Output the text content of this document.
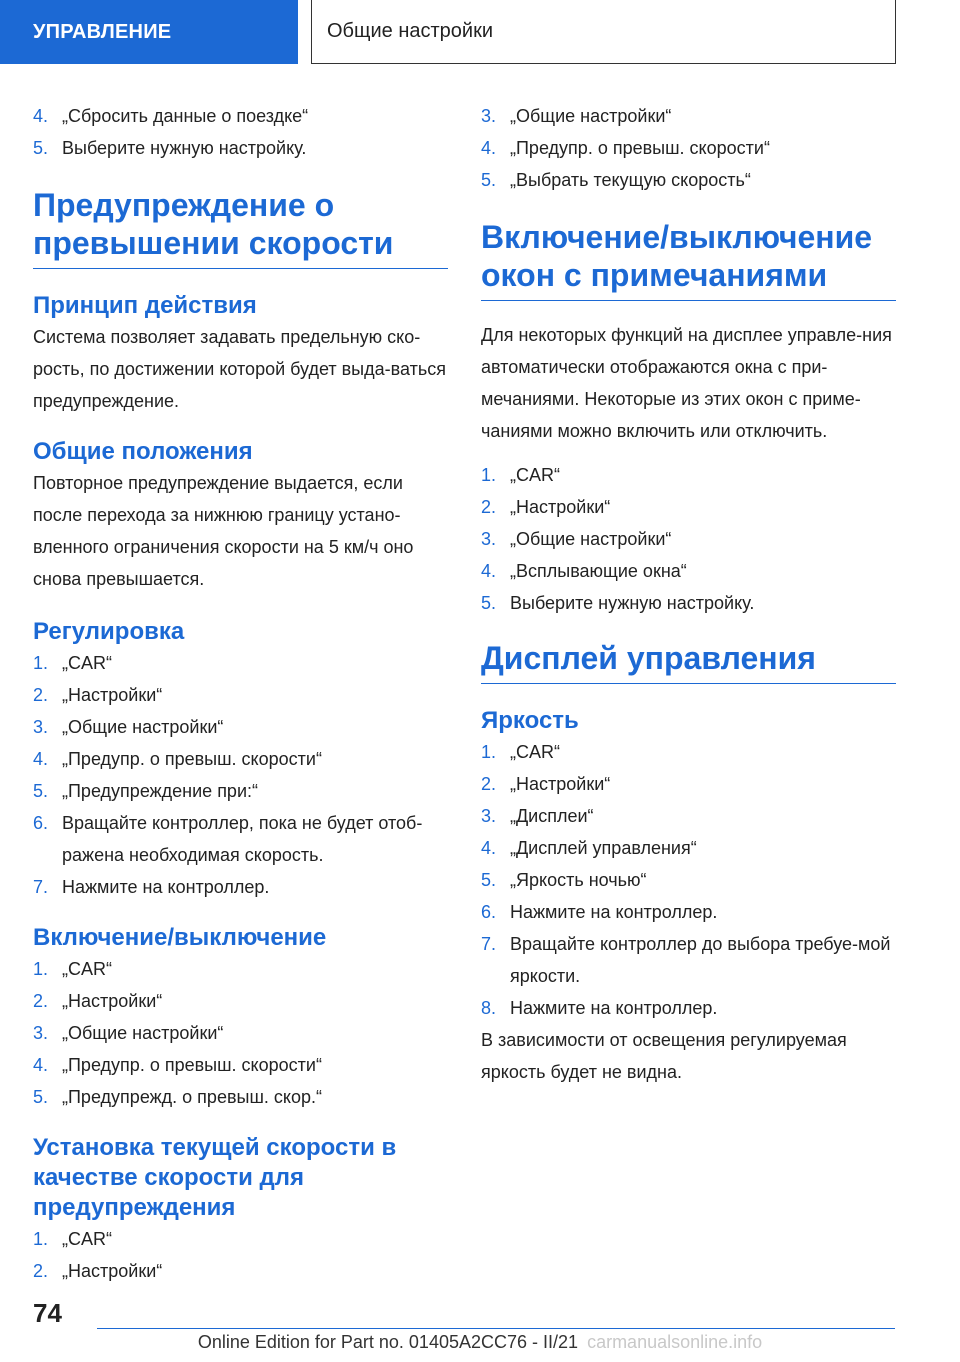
УПРАВЛЕНИЕ	Общие настройки
4. „Сбросить данные о поездке“
5. Выберите нужную настройку.
Предупреждение о превышении скорости
Принцип действия

Система позволяет задавать предельную ско‐рость, по достижении которой будет выда‐ваться предупреждение.

Общие положения

Повторное предупреждение выдается, если после перехода за нижнюю границу устано‐вленного ограничения скорости на 5 км/ч оно снова превышается.

Регулировка
1. „CAR“
2. „Настройки“
3. „Общие настройки“
4. „Предупр. о превыш. скорости“
5. „Предупреждение при:“
6. Вращайте контроллер, пока не будет отоб‐ражена необходимая скорость.
7. Нажмите на контроллер.
Включение/выключение
1. „CAR“
2. „Настройки“
3. „Общие настройки“
4. „Предупр. о превыш. скорости“
5. „Предупрежд. о превыш. скор.“
Установка текущей скорости в качестве скорости для предупреждения
1. „CAR“
2. „Настройки“
3. „Общие настройки“
4. „Предупр. о превыш. скорости“
5. „Выбрать текущую скорость“
Включение/выключение окон с примечаниями

Для некоторых функций на дисплее управле‐ния автоматически отображаются окна с при‐мечаниями. Некоторые из этих окон с приме‐чаниями можно включить или отключить.

1. „CAR“
2. „Настройки“
3. „Общие настройки“
4. „Всплывающие окна“
5. Выберите нужную настройку.
Дисплей управления
Яркость
1. „CAR“
2. „Настройки“
3. „Дисплеи“
4. „Дисплей управления“
5. „Яркость ночью“
6. Нажмите на контроллер.
7. Вращайте контроллер до выбора требуе‐мой яркости.
8. Нажмите на контроллер.

В зависимости от освещения регулируемая яркость будет не видна.

74
Online Edition for Part no. 01405A2CC76 - II/21 carmanualsonline.info
